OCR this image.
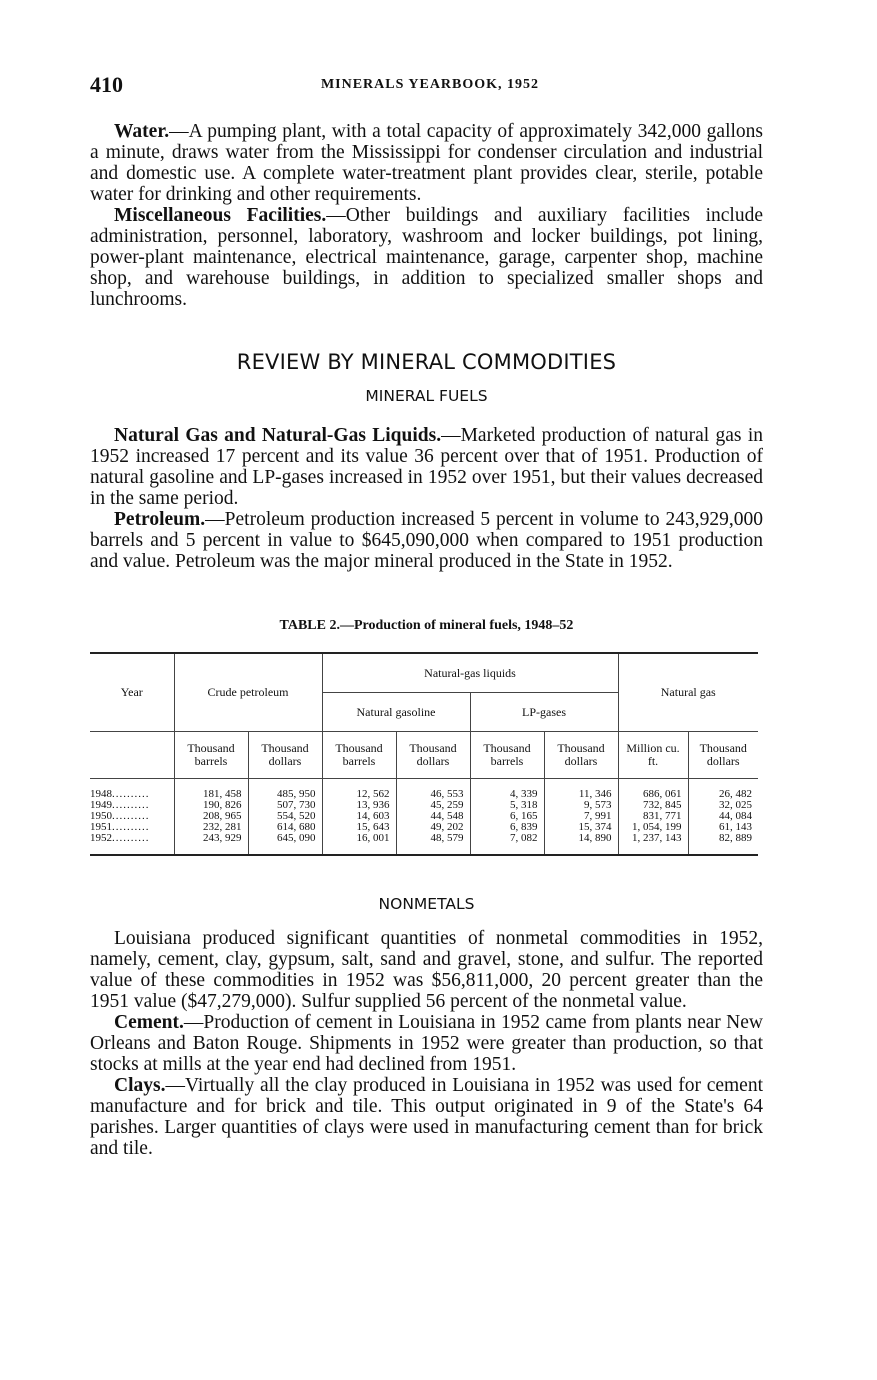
410	MINERALS YEARBOOK, 1952

Water.—A pumping plant, with a total capacity of approximately 342,000 gallons a minute, draws water from the Mississippi for condenser circulation and industrial and domestic use. A complete water-treatment plant provides clear, sterile, potable water for drinking and other requirements.

Miscellaneous Facilities.—Other buildings and auxiliary facilities include administration, personnel, laboratory, washroom and locker buildings, pot lining, power-plant maintenance, electrical maintenance, garage, carpenter shop, machine shop, and warehouse buildings, in addition to specialized smaller shops and lunchrooms.

REVIEW BY MINERAL COMMODITIES
MINERAL FUELS

Natural Gas and Natural-Gas Liquids.—Marketed production of natural gas in 1952 increased 17 percent and its value 36 percent over that of 1951. Production of natural gasoline and LP-gases increased in 1952 over 1951, but their values decreased in the same period.

Petroleum.—Petroleum production increased 5 percent in volume to 243,929,000 barrels and 5 percent in value to $645,090,000 when compared to 1951 production and value. Petroleum was the major mineral produced in the State in 1952.

TABLE 2.—Production of mineral fuels, 1948–52
Year	Crude petroleum		Natural-gas liquids				Natural gas	
			Natural gasoline		LP-gases			
	Thousand barrels	Thousand dollars	Thousand barrels	Thousand dollars	Thousand barrels	Thousand dollars	Million cu. ft.	Thousand dollars

1948..........	181, 458	485, 950	12, 562	46, 553	4, 339	11, 346	686, 061	26, 482
1949..........	190, 826	507, 730	13, 936	45, 259	5, 318	9, 573	732, 845	32, 025
1950..........	208, 965	554, 520	14, 603	44, 548	6, 165	7, 991	831, 771	44, 084
1951..........	232, 281	614, 680	15, 643	49, 202	6, 839	15, 374	1, 054, 199	61, 143
1952..........	243, 929	645, 090	16, 001	48, 579	7, 082	14, 890	1, 237, 143	82, 889
NONMETALS

Louisiana produced significant quantities of nonmetal commodities in 1952, namely, cement, clay, gypsum, salt, sand and gravel, stone, and sulfur. The reported value of these commodities in 1952 was $56,811,000, 20 percent greater than the 1951 value ($47,279,000). Sulfur supplied 56 percent of the nonmetal value.

Cement.—Production of cement in Louisiana in 1952 came from plants near New Orleans and Baton Rouge. Shipments in 1952 were greater than production, so that stocks at mills at the year end had declined from 1951.

Clays.—Virtually all the clay produced in Louisiana in 1952 was used for cement manufacture and for brick and tile. This output originated in 9 of the State's 64 parishes. Larger quantities of clays were used in manufacturing cement than for brick and tile.
